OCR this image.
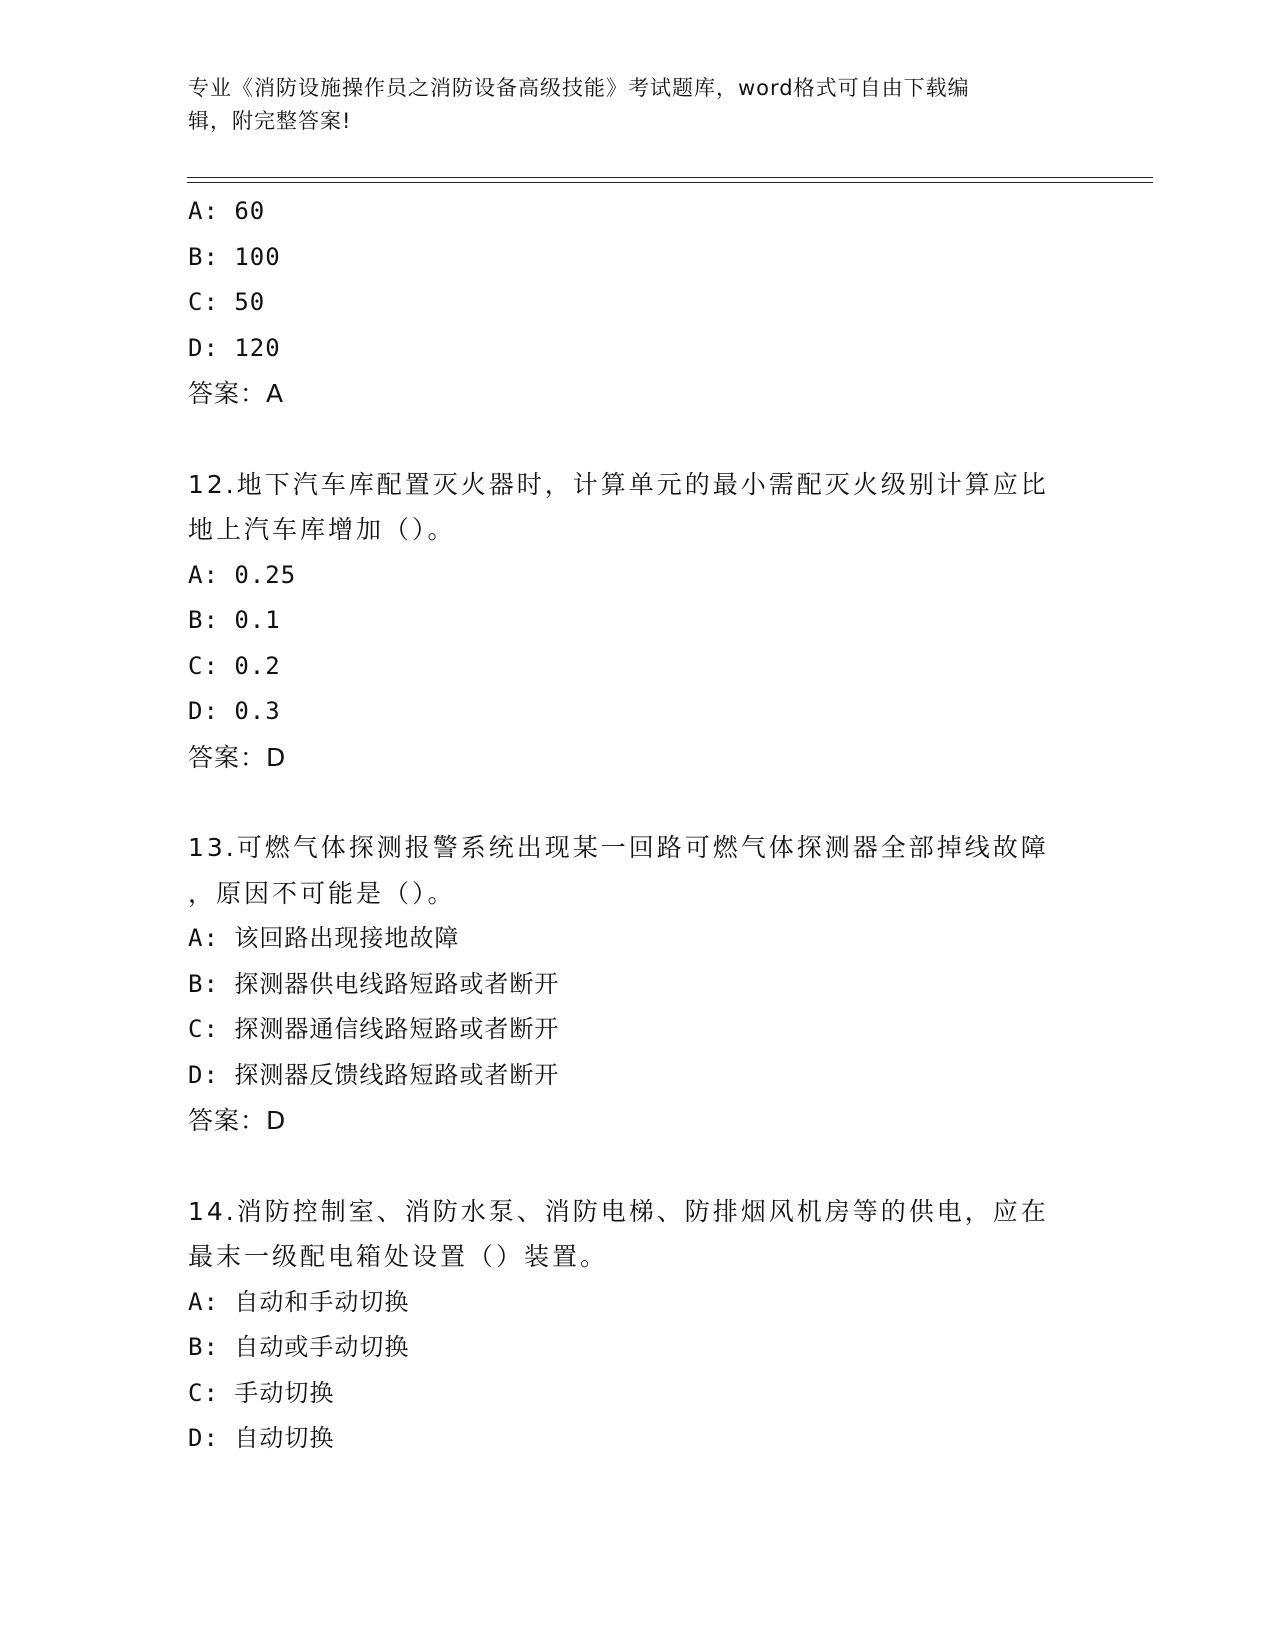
专业《消防设施操作员之消防设备高级技能》考试题库，word格式可自由下载编
辑，附完整答案!
A: 60
B: 100
C: 50
D: 120
答案：A
12.地下汽车库配置灭火器时，计算单元的最小需配灭火级别计算应比
地上汽车库增加（）。
A: 0.25
B: 0.1
C: 0.2
D: 0.3
答案：D
13.可燃气体探测报警系统出现某一回路可燃气体探测器全部掉线故障
，原因不可能是（）。
A: 该回路出现接地故障
B: 探测器供电线路短路或者断开
C: 探测器通信线路短路或者断开
D: 探测器反馈线路短路或者断开
答案：D
14.消防控制室、消防水泵、消防电梯、防排烟风机房等的供电，应在
最末一级配电箱处设置（）装置。
A: 自动和手动切换
B: 自动或手动切换
C: 手动切换
D: 自动切换
